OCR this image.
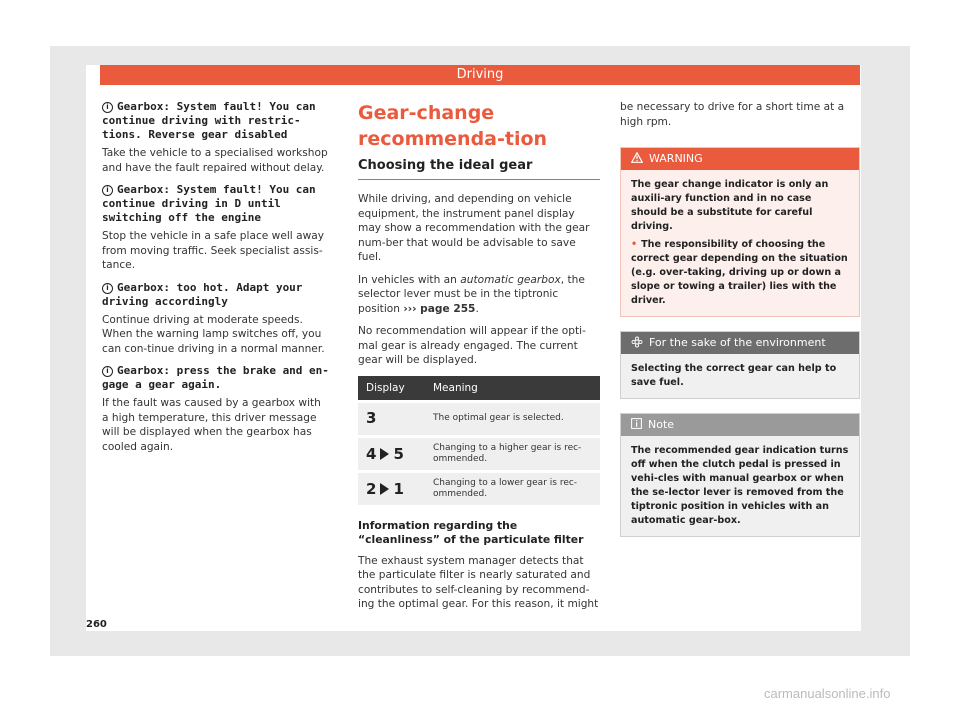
Driving

i Gearbox: System fault! You can continue driving with restric-tions. Reverse gear disabled

Take the vehicle to a specialised workshop and have the fault repaired without delay.

i Gearbox: System fault! You can continue driving in D until switching off the engine

Stop the vehicle in a safe place well away from moving traffic. Seek specialist assis-tance.

i Gearbox: too hot. Adapt your driving accordingly

Continue driving at moderate speeds. When the warning lamp switches off, you can con-tinue driving in a normal manner.

i Gearbox: press the brake and en-gage a gear again.

If the fault was caused by a gearbox with a high temperature, this driver message will be displayed when the gearbox has cooled again.

Gear-change recommenda-tion
Choosing the ideal gear

While driving, and depending on vehicle equipment, the instrument panel display may show a recommendation with the gear num-ber that would be advisable to save fuel.

In vehicles with an automatic gearbox, the selector lever must be in the tiptronic position ››› page 255.

No recommendation will appear if the opti-mal gear is already engaged. The current gear will be displayed.

Display	Meaning
3	The optimal gear is selected.
4 5	Changing to a higher gear is rec-ommended.
2 1	Changing to a lower gear is rec-ommended.
Information regarding the “cleanliness” of the particulate filter

The exhaust system manager detects that the particulate filter is nearly saturated and contributes to self-cleaning by recommend-ing the optimal gear. For this reason, it might

be necessary to drive for a short time at a high rpm.

WARNING
The gear change indicator is only an auxili-ary function and in no case should be a substitute for careful driving.
• The responsibility of choosing the correct gear depending on the situation (e.g. over-taking, driving up or down a slope or towing a trailer) lies with the driver.
For the sake of the environment
Selecting the correct gear can help to save fuel.
Note
The recommended gear indication turns off when the clutch pedal is pressed in vehi-cles with manual gearbox or when the se-lector lever is removed from the tiptronic position in vehicles with an automatic gear-box.
260
carmanualsonline.info
